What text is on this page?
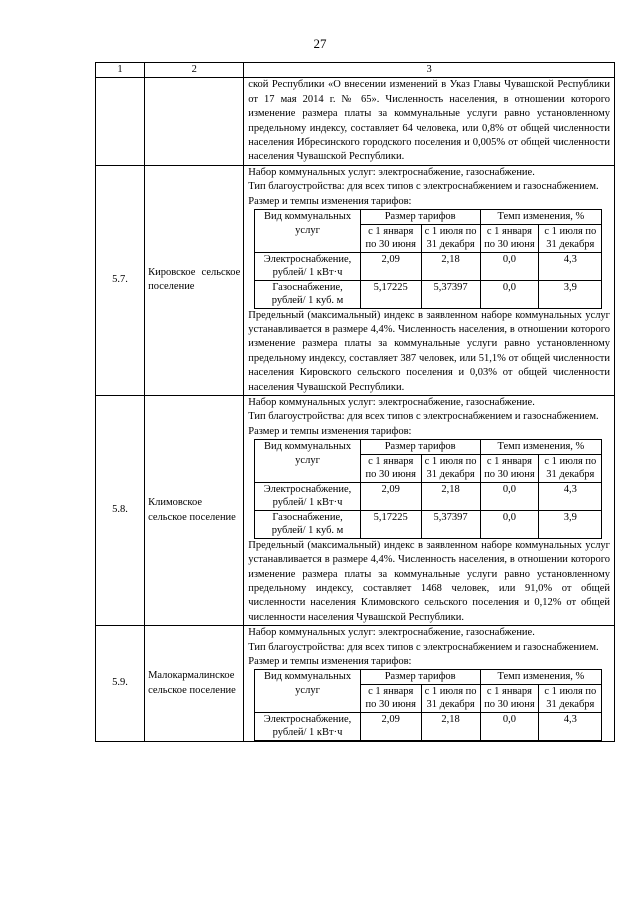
27
1	2	3

ской Республики «О внесении изменений в Указ Главы Чувашской Республики от 17 мая 2014 г. № 65». Численность населения, в отношении которого изменение размера платы за коммунальные услуги равно установленному предельному индексу, составляет 64 человека, или 0,8% от общей численности населения Ибресинского городского поселения и 0,005% от общей численности населения Чувашской Республики.

5.7.	Кировское сельское поселение	

Набор коммунальных услуг: электроснабжение, газоснабжение.

Тип благоустройства: для всех типов с электроснабжением и газоснабжением.

Размер и темпы изменения тарифов:

Вид коммунальных услуг	Размер тарифов	Темп изменения, %
с 1 января по 30 июня	с 1 июля по 31 декабря	с 1 января по 30 июня	с 1 июля по 31 декабря
Электроснабжение, рублей/ 1 кВт·ч	2,09	2,18	0,0	4,3
Газоснабжение, рублей/ 1 куб. м	5,17225	5,37397	0,0	3,9

Предельный (максимальный) индекс в заявленном наборе коммунальных услуг устанавливается в размере 4,4%. Численность населения, в отношении которого изменение размера платы за коммунальные услуги равно установленному предельному индексу, составляет 387 человек, или 51,1% от общей численности населения Кировского сельского поселения и 0,03% от общей численности населения Чувашской Республики.

5.8.	Климовское сельское поселение	

Набор коммунальных услуг: электроснабжение, газоснабжение.

Тип благоустройства: для всех типов с электроснабжением и газоснабжением.

Размер и темпы изменения тарифов:

Вид коммунальных услуг	Размер тарифов	Темп изменения, %
с 1 января по 30 июня	с 1 июля по 31 декабря	с 1 января по 30 июня	с 1 июля по 31 декабря
Электроснабжение, рублей/ 1 кВт·ч	2,09	2,18	0,0	4,3
Газоснабжение, рублей/ 1 куб. м	5,17225	5,37397	0,0	3,9

Предельный (максимальный) индекс в заявленном наборе коммунальных услуг устанавливается в размере 4,4%. Численность населения, в отношении которого изменение размера платы за коммунальные услуги равно установленному предельному индексу, составляет 1468 человек, или 91,0% от общей численности населения Климовского сельского поселения и 0,12% от общей численности населения Чувашской Республики.

5.9.	Малокармалинское сельское поселение	

Набор коммунальных услуг: электроснабжение, газоснабжение.

Тип благоустройства: для всех типов с электроснабжением и газоснабжением.

Размер и темпы изменения тарифов:

Вид коммунальных услуг	Размер тарифов	Темп изменения, %
с 1 января по 30 июня	с 1 июля по 31 декабря	с 1 января по 30 июня	с 1 июля по 31 декабря
Электроснабжение, рублей/ 1 кВт·ч	2,09	2,18	0,0	4,3
